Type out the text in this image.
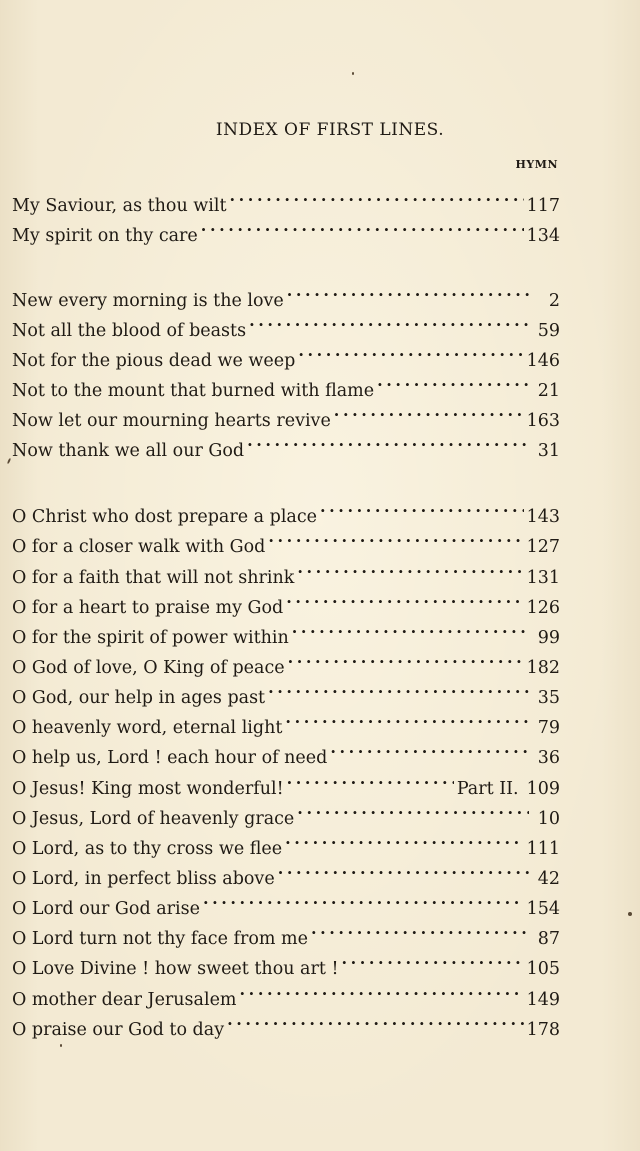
INDEX OF FIRST LINES.
HYMN
My Saviour, as thou wilt . . .	117
My spirit on thy care . . .	134
New every morning is the love . . .	2
Not all the blood of beasts . . .	59
Not for the pious dead we weep . . .	146
Not to the mount that burned with flame . . .	21
Now let our mourning hearts revive . . .	163
Now thank we all our God . . .	31
O Christ who dost prepare a place . . .	143
O for a closer walk with God . . .	127
O for a faith that will not shrink . . .	131
O for a heart to praise my God . . .	126
O for the spirit of power within . . .	99
O God of love, O King of peace . . .	182
O God, our help in ages past . . .	35
O heavenly word, eternal light . . .	79
O help us, Lord ! each hour of need . . .	36
O Jesus! King most wonderful! . . .	Part II. 109
O Jesus, Lord of heavenly grace . . .	10
O Lord, as to thy cross we flee . . .	111
O Lord, in perfect bliss above . . .	42
O Lord our God arise . . .	154
O Lord turn not thy face from me . . .	87
O Love Divine ! how sweet thou art ! . . .	105
O mother dear Jerusalem . . .	149
O praise our God to day . . .	178
